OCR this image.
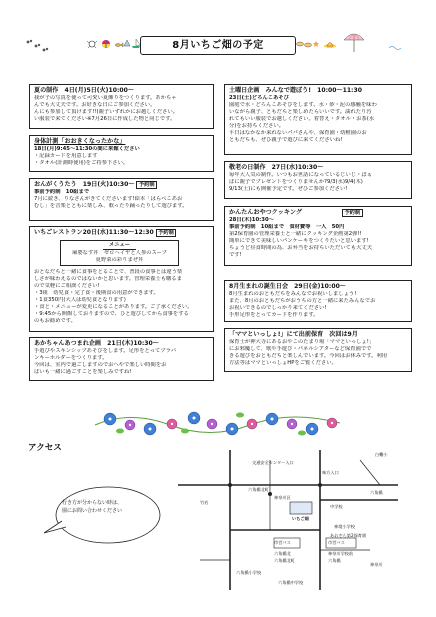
8月いちご畑の予定
夏の制作　4日(月)5日(火)10:00～
我が子の写真を使って可愛い夏飾りをつくります。あかちゃ
んでも大丈夫です。お好きな日にご参加ください。
んにも参加して頂けます!!(親子いずれかにお越しください。
い服装で来てください※7月26日に作成した物と同じです。
身体計測「おおきくなったかな」
18日(月)9:45～11:30の間に来館ください
・記録カードを用意します
・タオル(計測時使用)をご持参下さい。
おんがくうたう　19日(火)10:30～ 予約制
事前予約制　10組まで
7月に続き、りなさんがきてくださいます!絵本「はらぺこあお
むし」を音楽とともに楽しみ、歌ったり踊ったりして遊びます。
いちごレストラン20日(水)11:30～12:30 予約制
メニュー
麻婆なす丼　ゼロヘイヤと人参のスープ
夏野菜の彩りまぜ丼
おとなだちと一緒に食事をとることで、普段の食事とは違う楽
しさが味わえるのではないかと思います。管理栄養士も購るま
ので気軽にご相談ください!
・3組　幼児食・完了食・後期食の用意ができます。
・1食350円(大人は幼児食となります)
・食と・メニューが変更になることがあります。ご了承ください。
・9:45から開館しておりますので、ひと遊びしてから食事をする
のもお勧めです。
あかちゃんあつまれ企画　21日(木)10:30～
手遊びやスキンシップあそびをします。足形をとってプラバ
ンキーホルダーをつくります。
今回は、室内で過ごしますのでおへやで楽しい時間をお
ばいも一緒に過ごすことを楽しみですね!
土曜日企画　みんなで遊ぼう!　10:00～11:30
23日(土)どろんこあそび
園庭で水・どろんこあそびをします。水・砂・泥の感触を味わ
いながら親子、ともだちと楽しめたらいいです。濡れたり汚
れてもいい服装でお越しください。着替え・タオル・お茶(水
分)をお持ちください。
平日はなかなか来れないパパさんや、保育園・幼稚園のお
ともだちも、ぜひ親子で遊びに来てくださいね!
敬老の日制作　27日(水)10:30～
毎年大人気の制作。いつもお世話になっているじいじ・ばぁ
ばに親子でプレゼントをつくりませんか?9/3(水)9/4(木)
9/13(土)にも開催予定です。ぜひご参加ください!
かんたんおやつクッキング	予約制
28日(木)10:30～
事前予約制　10組まで　食材費等　一人　50円
第2保育園の管理栄養士と一緒にクッキング企画第2弾!!
簡単にできて美味しいパンケーキをつくりたいと思います!
ちょうど昼食時間の為、お弁当をお持ちいただいても大丈夫
です!
8月生まれの誕生日会　29日(金)10:00～
8月生まれのおともだちをみんなでお祝いしましょう!
また、8月のおともだちがおうちの方と一緒に来たみんなでお
お祝いできるのでしっかり来てください!
手形足形をとってカードを作ります。
「ママといっしょ!」にて出前保育　次回は9月
保育士が神大寺にあるおやこのたまり場「ママといっしょ!」
にお邪魔して、歌や手遊び・パネルシアターなど保育園でで
きる遊びをおともだちと楽しんでいます。今回はお休みです。利用
方法等はママといっしょHPをご覧ください。
アクセス
行き方が分からない時は、
園にお問い合わせください
交通安全センター入口
六角橋北町
神奈川区
味方入口
六角橋
中学校
白幡小
神境小学校
いちご畑
竹若
あおぞら第2保育園
市営バス
六角橋北
六角橋北町
市営バス
神奈川学校前
六角橋
六角橋小学校
六角橋中学校
神奈川
